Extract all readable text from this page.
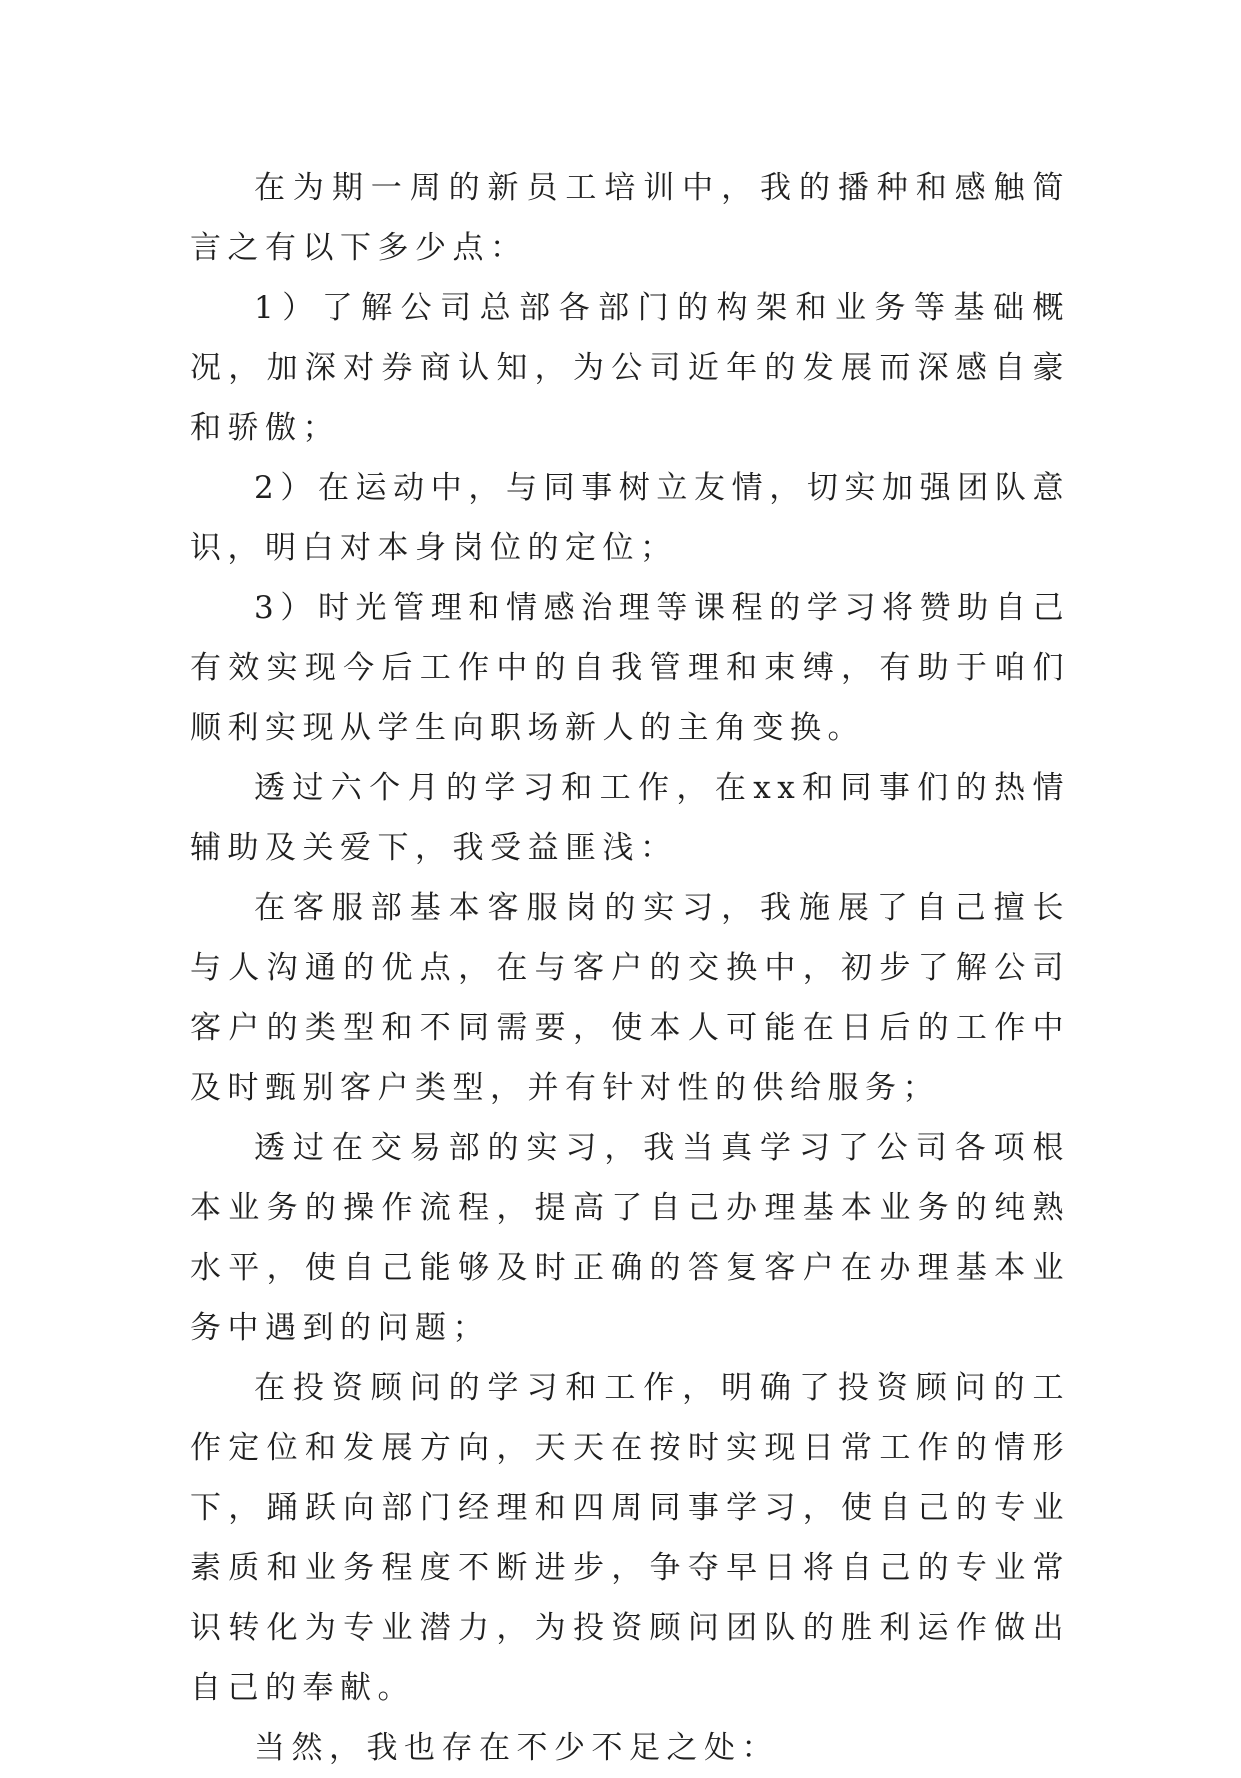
在为期一周的新员工培训中，我的播种和感触简言之有以下多少点：

1）了解公司总部各部门的构架和业务等基础概况，加深对券商认知，为公司近年的发展而深感自豪和骄傲；

2）在运动中，与同事树立友情，切实加强团队意识，明白对本身岗位的定位；

3）时光管理和情感治理等课程的学习将赞助自己有效实现今后工作中的自我管理和束缚，有助于咱们顺利实现从学生向职场新人的主角变换。

透过六个月的学习和工作，在xx和同事们的热情辅助及关爱下，我受益匪浅：

在客服部基本客服岗的实习，我施展了自己擅长与人沟通的优点，在与客户的交换中，初步了解公司客户的类型和不同需要，使本人可能在日后的工作中及时甄别客户类型，并有针对性的供给服务；

透过在交易部的实习，我当真学习了公司各项根本业务的操作流程，提高了自己办理基本业务的纯熟水平，使自己能够及时正确的答复客户在办理基本业务中遇到的问题；

在投资顾问的学习和工作，明确了投资顾问的工作定位和发展方向，天天在按时实现日常工作的情形下，踊跃向部门经理和四周同事学习，使自己的专业素质和业务程度不断进步，争夺早日将自己的专业常识转化为专业潜力，为投资顾问团队的胜利运作做出自己的奉献。

当然，我也存在不少不足之处：
